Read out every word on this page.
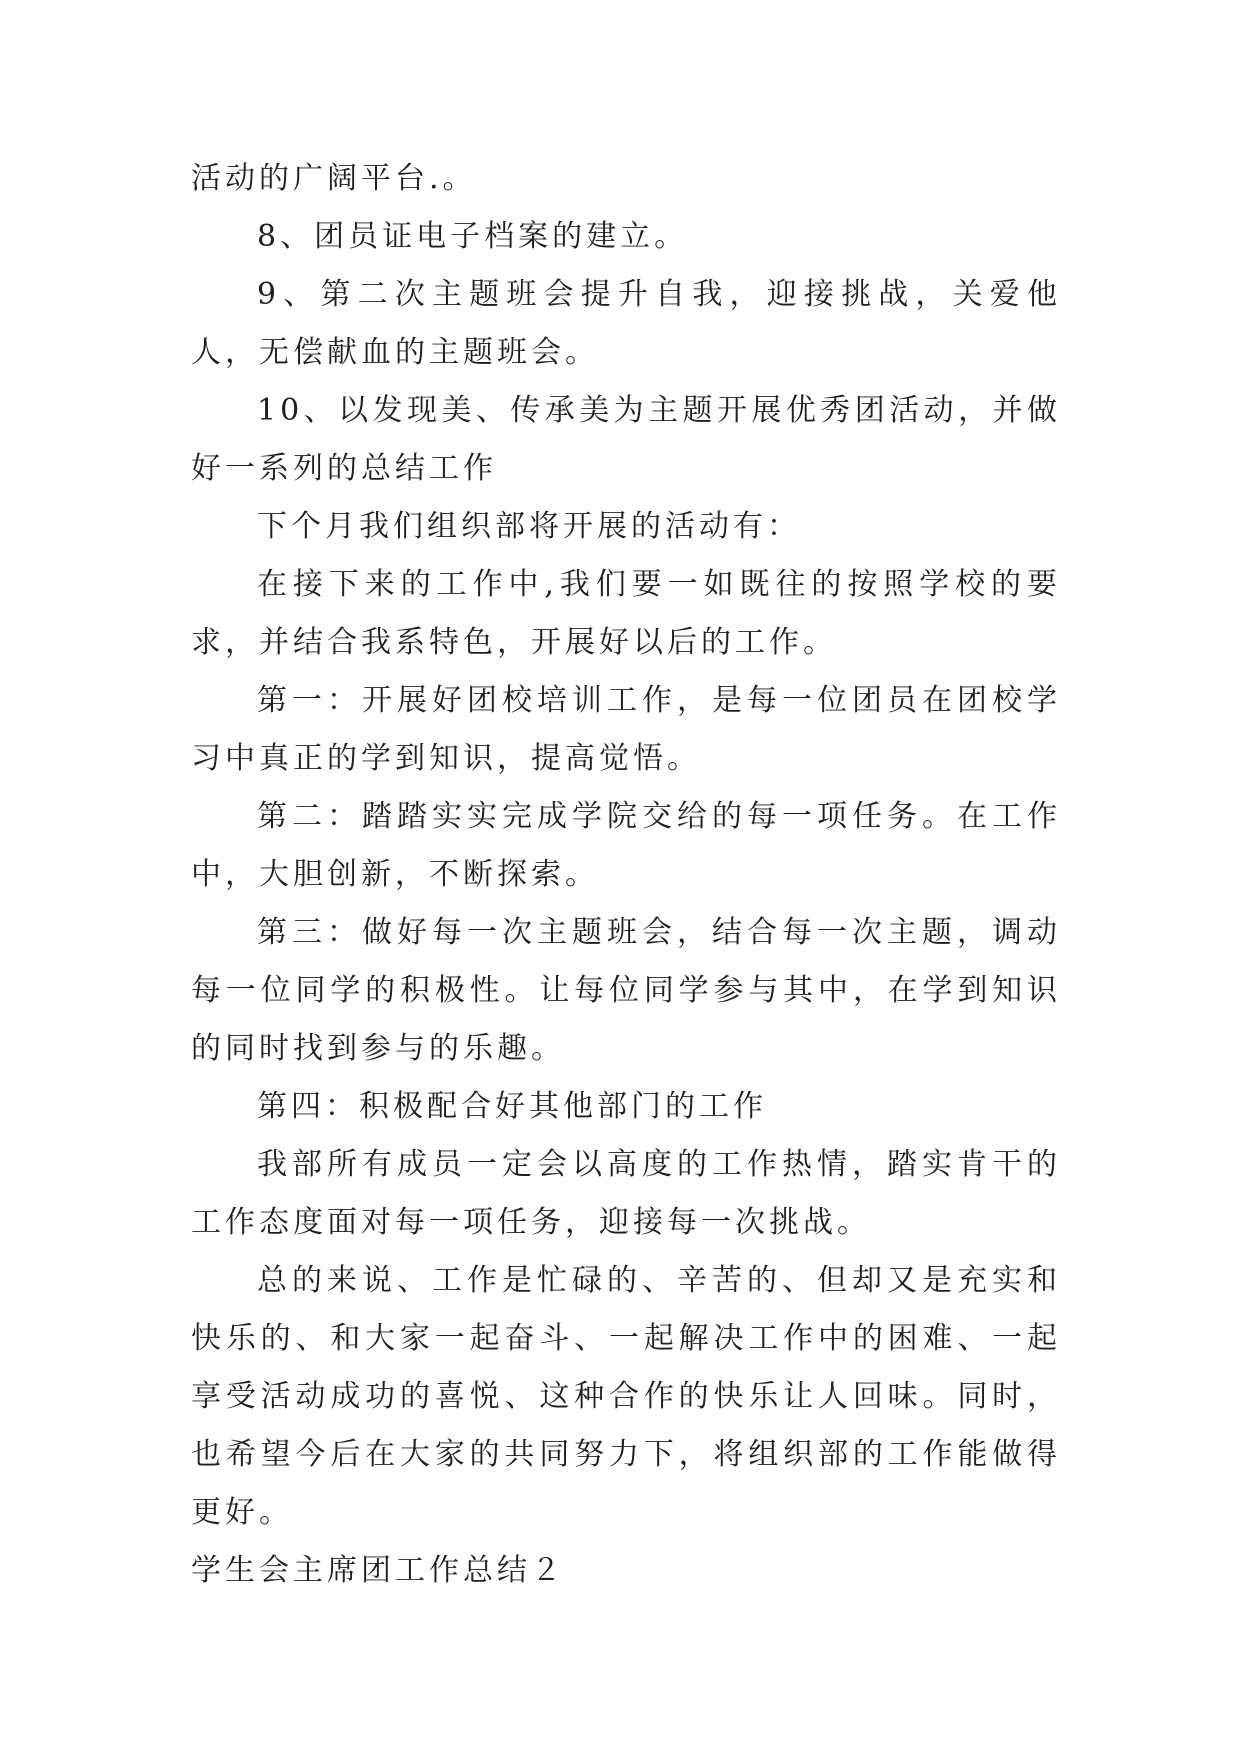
活动的广阔平台.。

8、团员证电子档案的建立。

9、第二次主题班会提升自我，迎接挑战，关爱他人，无偿献血的主题班会。

10、以发现美、传承美为主题开展优秀团活动，并做好一系列的总结工作

下个月我们组织部将开展的活动有：

在接下来的工作中,我们要一如既往的按照学校的要求，并结合我系特色，开展好以后的工作。

第一：开展好团校培训工作，是每一位团员在团校学习中真正的学到知识，提高觉悟。

第二：踏踏实实完成学院交给的每一项任务。在工作中，大胆创新，不断探索。

第三：做好每一次主题班会，结合每一次主题，调动每一位同学的积极性。让每位同学参与其中，在学到知识的同时找到参与的乐趣。

第四：积极配合好其他部门的工作

我部所有成员一定会以高度的工作热情，踏实肯干的工作态度面对每一项任务，迎接每一次挑战。

总的来说、工作是忙碌的、辛苦的、但却又是充实和快乐的、和大家一起奋斗、一起解决工作中的困难、一起享受活动成功的喜悦、这种合作的快乐让人回味。同时，也希望今后在大家的共同努力下，将组织部的工作能做得更好。

学生会主席团工作总结２
